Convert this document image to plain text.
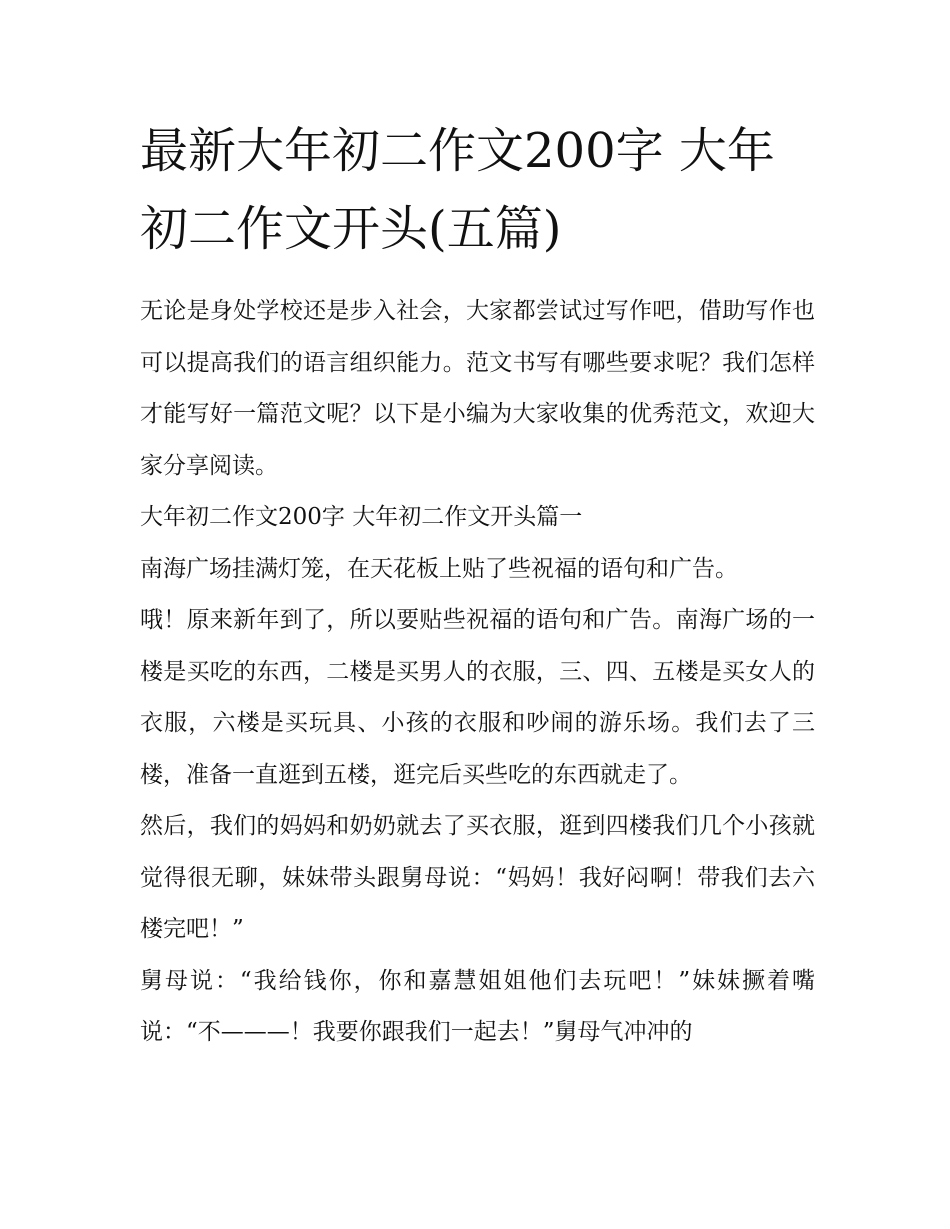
最新大年初二作文200字 大年初二作文开头(五篇)

无论是身处学校还是步入社会，大家都尝试过写作吧，借助写作也可以提高我们的语言组织能力。范文书写有哪些要求呢？我们怎样才能写好一篇范文呢？以下是小编为大家收集的优秀范文，欢迎大家分享阅读。

大年初二作文200字 大年初二作文开头篇一

南海广场挂满灯笼，在天花板上贴了些祝福的语句和广告。

哦！原来新年到了，所以要贴些祝福的语句和广告。南海广场的一楼是买吃的东西，二楼是买男人的衣服，三、四、五楼是买女人的衣服，六楼是买玩具、小孩的衣服和吵闹的游乐场。我们去了三楼，准备一直逛到五楼，逛完后买些吃的东西就走了。

然后，我们的妈妈和奶奶就去了买衣服，逛到四楼我们几个小孩就觉得很无聊，妹妹带头跟舅母说：“妈妈！我好闷啊！带我们去六楼完吧！”

舅母说：“我给钱你，你和嘉慧姐姐他们去玩吧！”妹妹撅着嘴说：“不———！我要你跟我们一起去！”舅母气冲冲的
